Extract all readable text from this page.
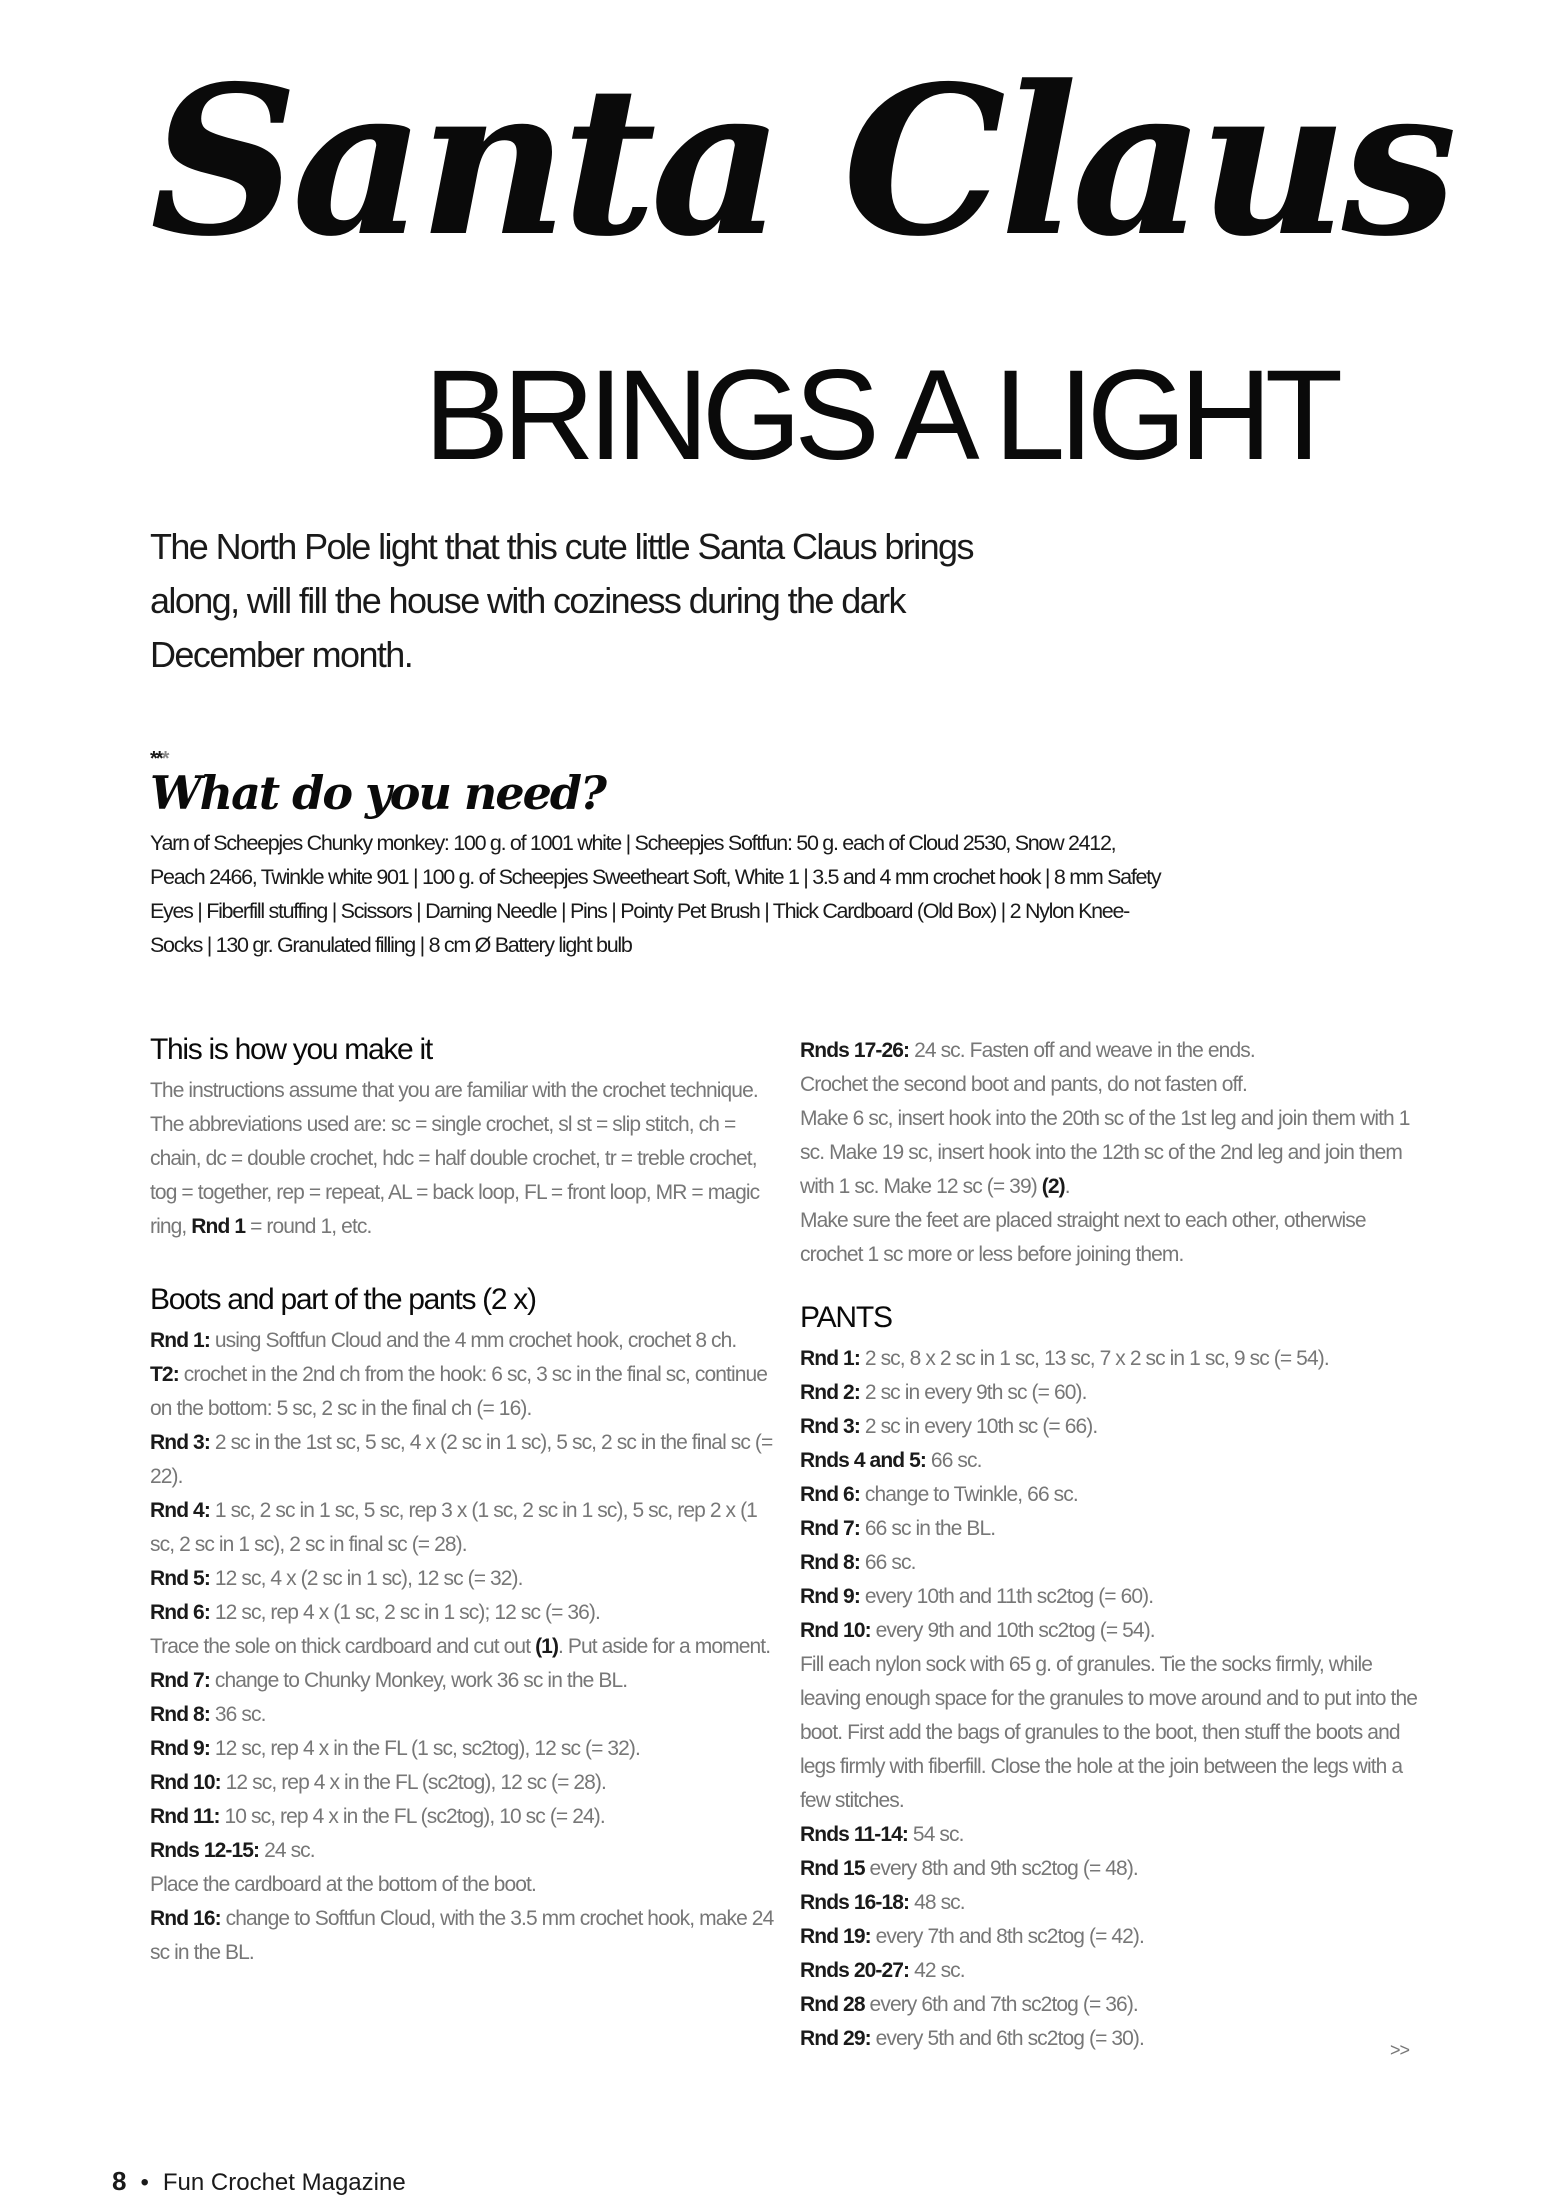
Santa Claus
BRINGS A LIGHT
The North Pole light that this cute little Santa Claus brings along, will fill the house with coziness during the dark December month.
***
What do you need?
Yarn of Scheepjes Chunky monkey: 100 g. of 1001 white | Scheepjes Softfun: 50 g. each of Cloud 2530, Snow 2412, Peach 2466, Twinkle white 901 | 100 g. of Scheepjes Sweetheart Soft, White 1 | 3.5 and 4 mm crochet hook | 8 mm Safety Eyes | Fiberfill stuffing | Scissors | Darning Needle | Pins | Pointy Pet Brush | Thick Cardboard (Old Box) | 2 Nylon Knee-Socks | 130 gr. Granulated filling | 8 cm Ø Battery light bulb
This is how you make it

The instructions assume that you are familiar with the crochet technique. The abbreviations used are: sc = single crochet, sl st = slip stitch, ch = chain, dc = double crochet, hdc = half double crochet, tr = treble crochet, tog = together, rep = repeat, AL = back loop, FL = front loop, MR = magic ring, Rnd 1 = round 1, etc.

Boots and part of the pants (2 x)

Rnd 1: using Softfun Cloud and the 4 mm crochet hook, crochet 8 ch.

T2: crochet in the 2nd ch from the hook: 6 sc, 3 sc in the final sc, continue on the bottom: 5 sc, 2 sc in the final ch (= 16).

Rnd 3: 2 sc in the 1st sc, 5 sc, 4 x (2 sc in 1 sc), 5 sc, 2 sc in the final sc (= 22).

Rnd 4: 1 sc, 2 sc in 1 sc, 5 sc, rep 3 x (1 sc, 2 sc in 1 sc), 5 sc, rep 2 x (1 sc, 2 sc in 1 sc), 2 sc in final sc (= 28).

Rnd 5: 12 sc, 4 x (2 sc in 1 sc), 12 sc (= 32).

Rnd 6: 12 sc, rep 4 x (1 sc, 2 sc in 1 sc); 12 sc (= 36).

Trace the sole on thick cardboard and cut out (1). Put aside for a moment.

Rnd 7: change to Chunky Monkey, work 36 sc in the BL.

Rnd 8: 36 sc.

Rnd 9: 12 sc, rep 4 x in the FL (1 sc, sc2tog), 12 sc (= 32).

Rnd 10: 12 sc, rep 4 x in the FL (sc2tog), 12 sc (= 28).

Rnd 11: 10 sc, rep 4 x in the FL (sc2tog), 10 sc (= 24).

Rnds 12-15: 24 sc.

Place the cardboard at the bottom of the boot.

Rnd 16: change to Softfun Cloud, with the 3.5 mm crochet hook, make 24 sc in the BL.

Rnds 17-26: 24 sc. Fasten off and weave in the ends.

Crochet the second boot and pants, do not fasten off.

Make 6 sc, insert hook into the 20th sc of the 1st leg and join them with 1 sc. Make 19 sc, insert hook into the 12th sc of the 2nd leg and join them with 1 sc. Make 12 sc (= 39) (2).

Make sure the feet are placed straight next to each other, otherwise crochet 1 sc more or less before joining them.

PANTS

Rnd 1: 2 sc, 8 x 2 sc in 1 sc, 13 sc, 7 x 2 sc in 1 sc, 9 sc (= 54).

Rnd 2: 2 sc in every 9th sc (= 60).

Rnd 3: 2 sc in every 10th sc (= 66).

Rnds 4 and 5: 66 sc.

Rnd 6: change to Twinkle, 66 sc.

Rnd 7: 66 sc in the BL.

Rnd 8: 66 sc.

Rnd 9: every 10th and 11th sc2tog (= 60).

Rnd 10: every 9th and 10th sc2tog (= 54).

Fill each nylon sock with 65 g. of granules. Tie the socks firmly, while leaving enough space for the granules to move around and to put into the boot. First add the bags of granules to the boot, then stuff the boots and legs firmly with fiberfill. Close the hole at the join between the legs with a few stitches.

Rnds 11-14: 54 sc.

Rnd 15 every 8th and 9th sc2tog (= 48).

Rnds 16-18: 48 sc.

Rnd 19: every 7th and 8th sc2tog (= 42).

Rnds 20-27: 42 sc.

Rnd 28 every 6th and 7th sc2tog (= 36).

Rnd 29: every 5th and 6th sc2tog (= 30).	>>
8 • Fun Crochet Magazine
